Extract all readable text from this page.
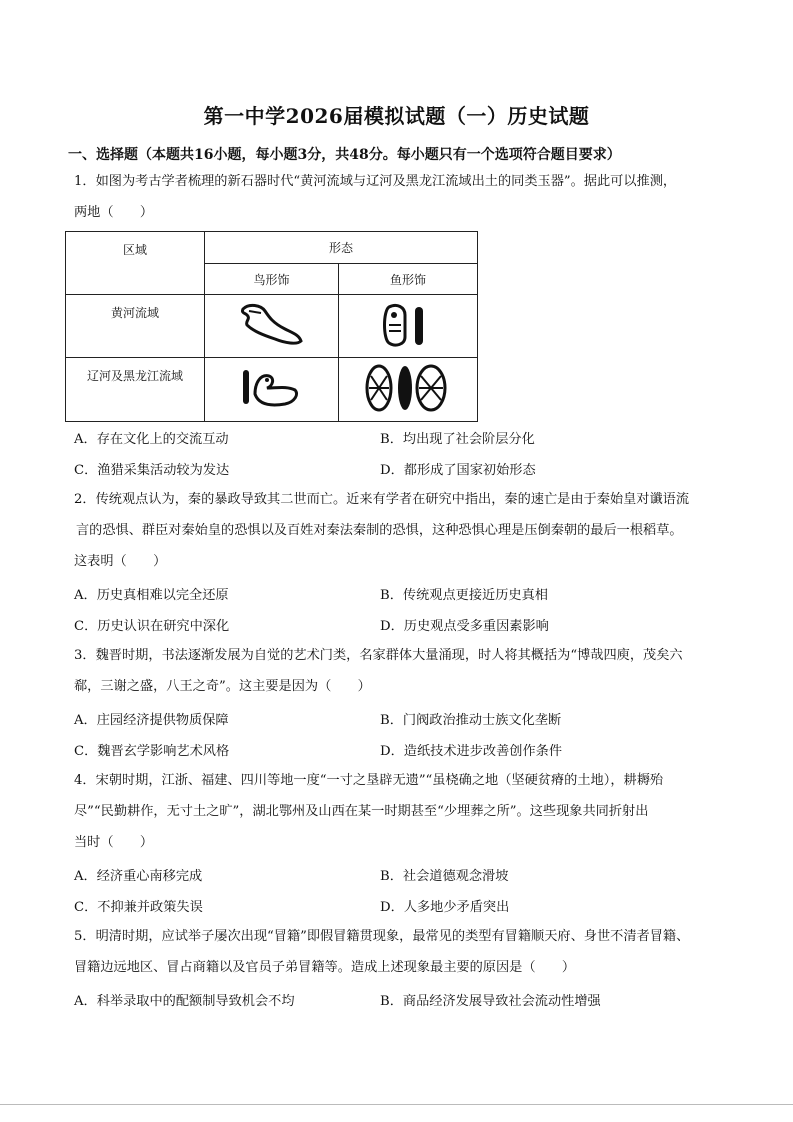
第一中学2026届模拟试题（一）历史试题
一、选择题（本题共16小题，每小题3分，共48分。每小题只有一个选项符合题目要求）
1．如图为考古学者梳理的新石器时代“黄河流域与辽河及黑龙江流域出土的同类玉器”。据此可以推测，
两地（　　）
区域	形态	

	鸟形饰	鱼形饰

黄河流域

辽河及黑龙江流域

A．存在文化上的交流互动	B．均出现了社会阶层分化
C．渔猎采集活动较为发达	D．都形成了国家初始形态
2．传统观点认为，秦的暴政导致其二世而亡。近来有学者在研究中指出，秦的速亡是由于秦始皇对谶语流
言的恐惧、群臣对秦始皇的恐惧以及百姓对秦法秦制的恐惧，这种恐惧心理是压倒秦朝的最后一根稻草。
这表明（　　）
A．历史真相难以完全还原	B．传统观点更接近历史真相
C．历史认识在研究中深化	D．历史观点受多重因素影响
3．魏晋时期，书法逐渐发展为自觉的艺术门类，名家群体大量涌现，时人将其概括为“博哉四庾，茂矣六
郗，三谢之盛，八王之奇”。这主要是因为（　　）
A．庄园经济提供物质保障	B．门阀政治推动士族文化垄断
C．魏晋玄学影响艺术风格	D．造纸技术进步改善创作条件
4．宋朝时期，江浙、福建、四川等地一度“一寸之垦辟无遗”“虽桡确之地（坚硬贫瘠的土地），耕耨殆
尽”“民勤耕作，无寸土之旷”，湖北鄂州及山西在某一时期甚至“少埋葬之所”。这些现象共同折射出
当时（　　）
A．经济重心南移完成	B．社会道德观念滑坡
C．不抑兼并政策失误	D．人多地少矛盾突出
5．明清时期，应试举子屡次出现“冒籍”即假冒籍贯现象，最常见的类型有冒籍顺天府、身世不清者冒籍、
冒籍边远地区、冒占商籍以及官员子弟冒籍等。造成上述现象最主要的原因是（　　）
A．科举录取中的配额制导致机会不均	B．商品经济发展导致社会流动性增强
